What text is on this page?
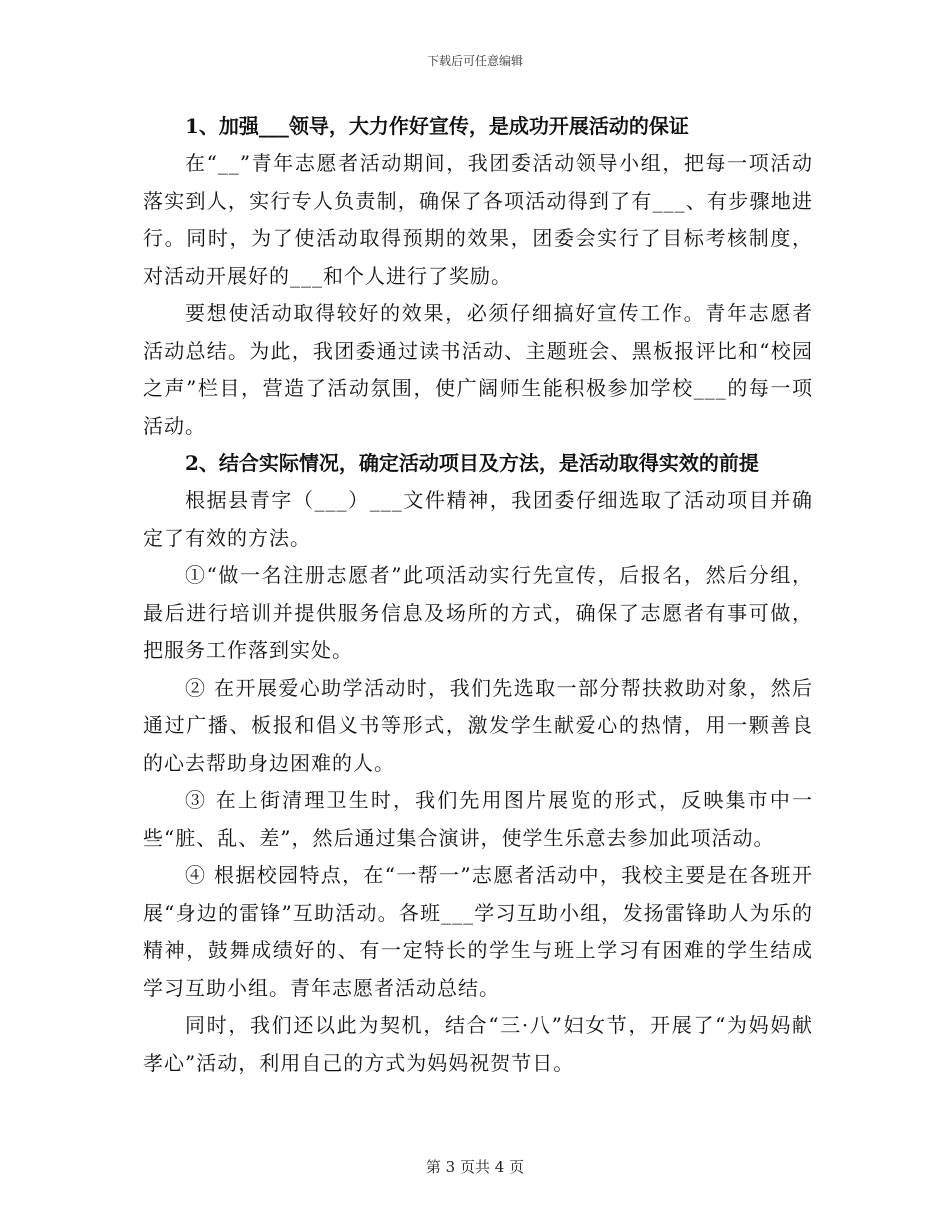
下载后可任意编辑

1、加强___领导，大力作好宣传，是成功开展活动的保证

在“__”青年志愿者活动期间，我团委活动领导小组，把每一项活动落实到人，实行专人负责制，确保了各项活动得到了有___、有步骤地进行。同时，为了使活动取得预期的效果，团委会实行了目标考核制度，对活动开展好的___和个人进行了奖励。

要想使活动取得较好的效果，必须仔细搞好宣传工作。青年志愿者活动总结。为此，我团委通过读书活动、主题班会、黑板报评比和“校园之声”栏目，营造了活动氛围，使广阔师生能积极参加学校___的每一项活动。

2、结合实际情况，确定活动项目及方法，是活动取得实效的前提

根据县青字（___）___文件精神，我团委仔细选取了活动项目并确定了有效的方法。

①“做一名注册志愿者”此项活动实行先宣传，后报名，然后分组，最后进行培训并提供服务信息及场所的方式，确保了志愿者有事可做，把服务工作落到实处。

② 在开展爱心助学活动时，我们先选取一部分帮扶救助对象，然后通过广播、板报和倡义书等形式，激发学生献爱心的热情，用一颗善良的心去帮助身边困难的人。

③ 在上街清理卫生时，我们先用图片展览的形式，反映集市中一些“脏、乱、差”，然后通过集合演讲，使学生乐意去参加此项活动。

④ 根据校园特点，在“一帮一”志愿者活动中，我校主要是在各班开展“身边的雷锋”互助活动。各班___学习互助小组，发扬雷锋助人为乐的精神，鼓舞成绩好的、有一定特长的学生与班上学习有困难的学生结成学习互助小组。青年志愿者活动总结。

同时，我们还以此为契机，结合“三·八”妇女节，开展了“为妈妈献孝心”活动，利用自己的方式为妈妈祝贺节日。

第 3 页共 4 页
